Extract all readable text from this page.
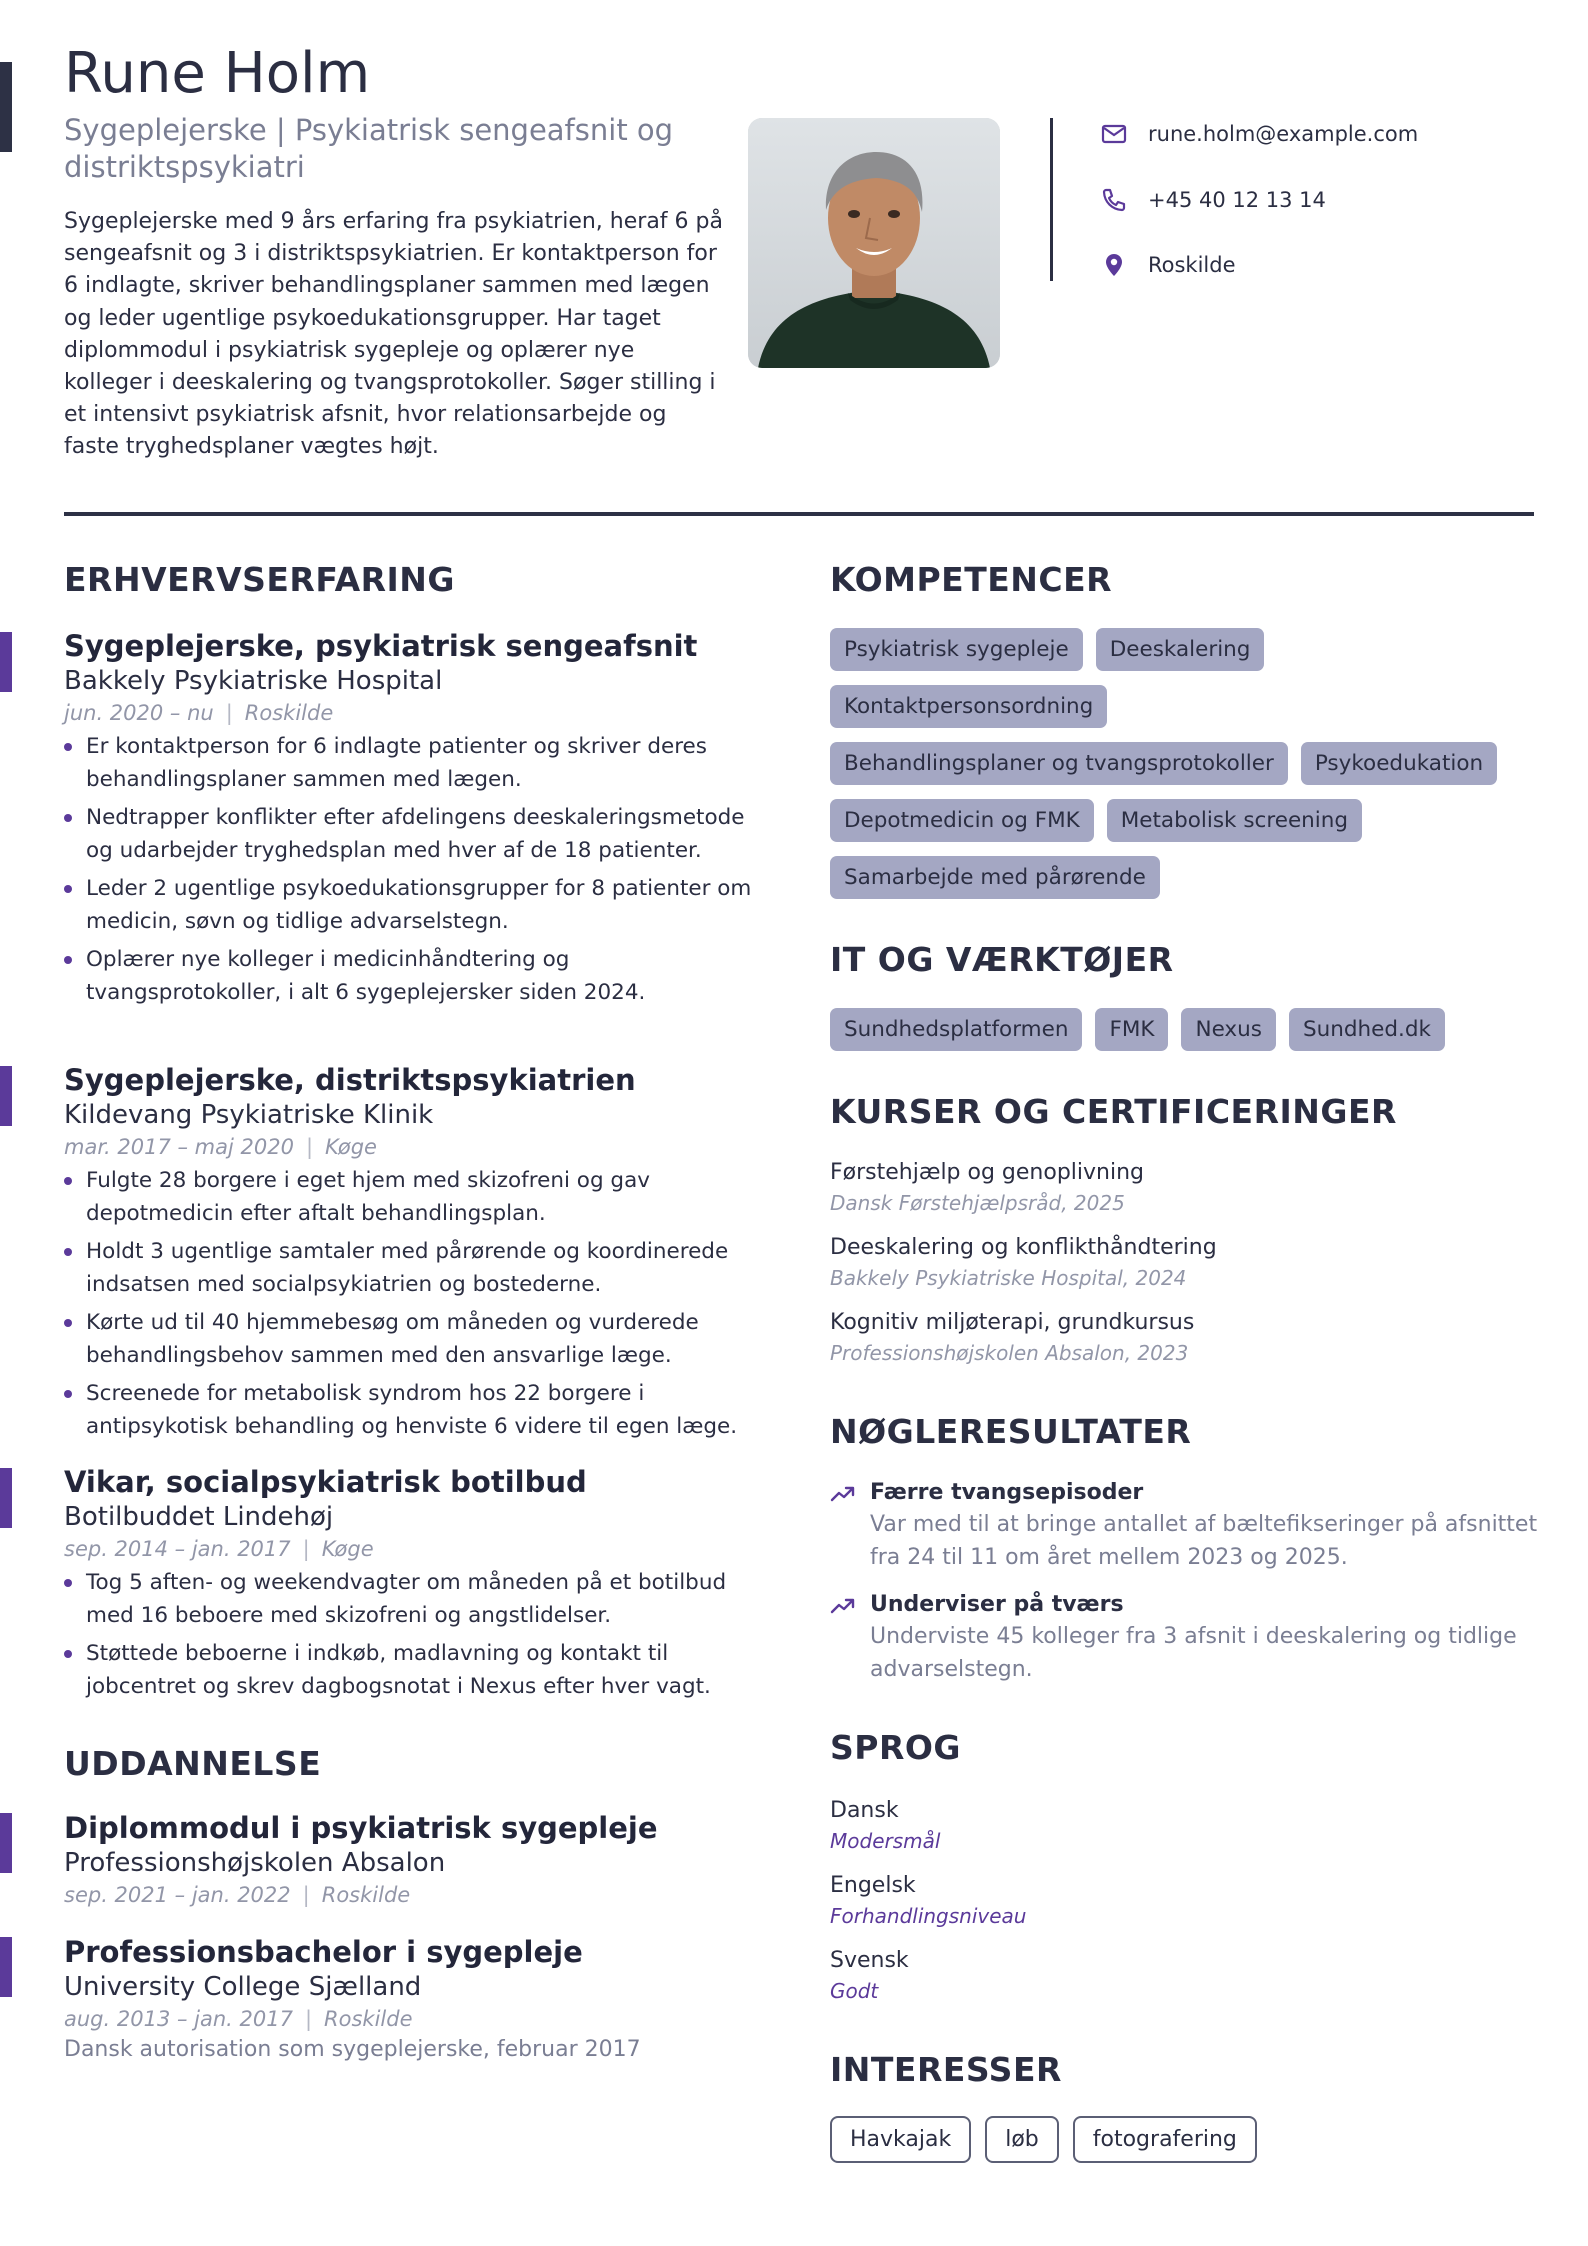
Rune Holm
Sygeplejerske | Psykiatrisk sengeafsnit og distriktspsykiatri
Sygeplejerske med 9 års erfaring fra psykiatrien, heraf 6 på sengeafsnit og 3 i distriktspsykiatrien. Er kontaktperson for 6 indlagte, skriver behandlingsplaner sammen med lægen og leder ugentlige psykoedukationsgrupper. Har taget diplommodul i psykiatrisk sygepleje og oplærer nye kolleger i deeskalering og tvangsprotokoller. Søger stilling i et intensivt psykiatrisk afsnit, hvor relationsarbejde og faste tryghedsplaner vægtes højt.
rune.holm@example.com
+45 40 12 13 14
Roskilde
ERHVERVSERFARING
Sygeplejerske, psykiatrisk sengeafsnit
Bakkely Psykiatriske Hospital
jun. 2020 – nu | Roskilde
Er kontaktperson for 6 indlagte patienter og skriver deres behandlingsplaner sammen med lægen.
Nedtrapper konflikter efter afdelingens deeskaleringsmetode og udarbejder tryghedsplan med hver af de 18 patienter.
Leder 2 ugentlige psykoedukationsgrupper for 8 patienter om medicin, søvn og tidlige advarselstegn.
Oplærer nye kolleger i medicinhåndtering og tvangsprotokoller, i alt 6 sygeplejersker siden 2024.
Sygeplejerske, distriktspsykiatrien
Kildevang Psykiatriske Klinik
mar. 2017 – maj 2020 | Køge
Fulgte 28 borgere i eget hjem med skizofreni og gav depotmedicin efter aftalt behandlingsplan.
Holdt 3 ugentlige samtaler med pårørende og koordinerede indsatsen med socialpsykiatrien og bostederne.
Kørte ud til 40 hjemmebesøg om måneden og vurderede behandlingsbehov sammen med den ansvarlige læge.
Screenede for metabolisk syndrom hos 22 borgere i antipsykotisk behandling og henviste 6 videre til egen læge.
Vikar, socialpsykiatrisk botilbud
Botilbuddet Lindehøj
sep. 2014 – jan. 2017 | Køge
Tog 5 aften- og weekendvagter om måneden på et botilbud med 16 beboere med skizofreni og angstlidelser.
Støttede beboerne i indkøb, madlavning og kontakt til jobcentret og skrev dagbogsnotat i Nexus efter hver vagt.
UDDANNELSE
Diplommodul i psykiatrisk sygepleje
Professionshøjskolen Absalon
sep. 2021 – jan. 2022 | Roskilde
Professionsbachelor i sygepleje
University College Sjælland
aug. 2013 – jan. 2017 | Roskilde
Dansk autorisation som sygeplejerske, februar 2017
KOMPETENCER
Psykiatrisk sygepleje	Deeskalering
Kontaktpersonsordning
Behandlingsplaner og tvangsprotokoller	Psykoedukation
Depotmedicin og FMK	Metabolisk screening
Samarbejde med pårørende
IT OG VÆRKTØJER
Sundhedsplatformen	FMK	Nexus	Sundhed.dk
KURSER OG CERTIFICERINGER
Førstehjælp og genoplivning
Dansk Førstehjælpsråd, 2025
Deeskalering og konflikthåndtering
Bakkely Psykiatriske Hospital, 2024
Kognitiv miljøterapi, grundkursus
Professionshøjskolen Absalon, 2023
NØGLERESULTATER
Færre tvangsepisoder
Var med til at bringe antallet af bæltefikseringer på afsnittet fra 24 til 11 om året mellem 2023 og 2025.
Underviser på tværs
Underviste 45 kolleger fra 3 afsnit i deeskalering og tidlige advarselstegn.
SPROG
Dansk
Modersmål
Engelsk
Forhandlingsniveau
Svensk
Godt
INTERESSER
Havkajak	løb	fotografering
